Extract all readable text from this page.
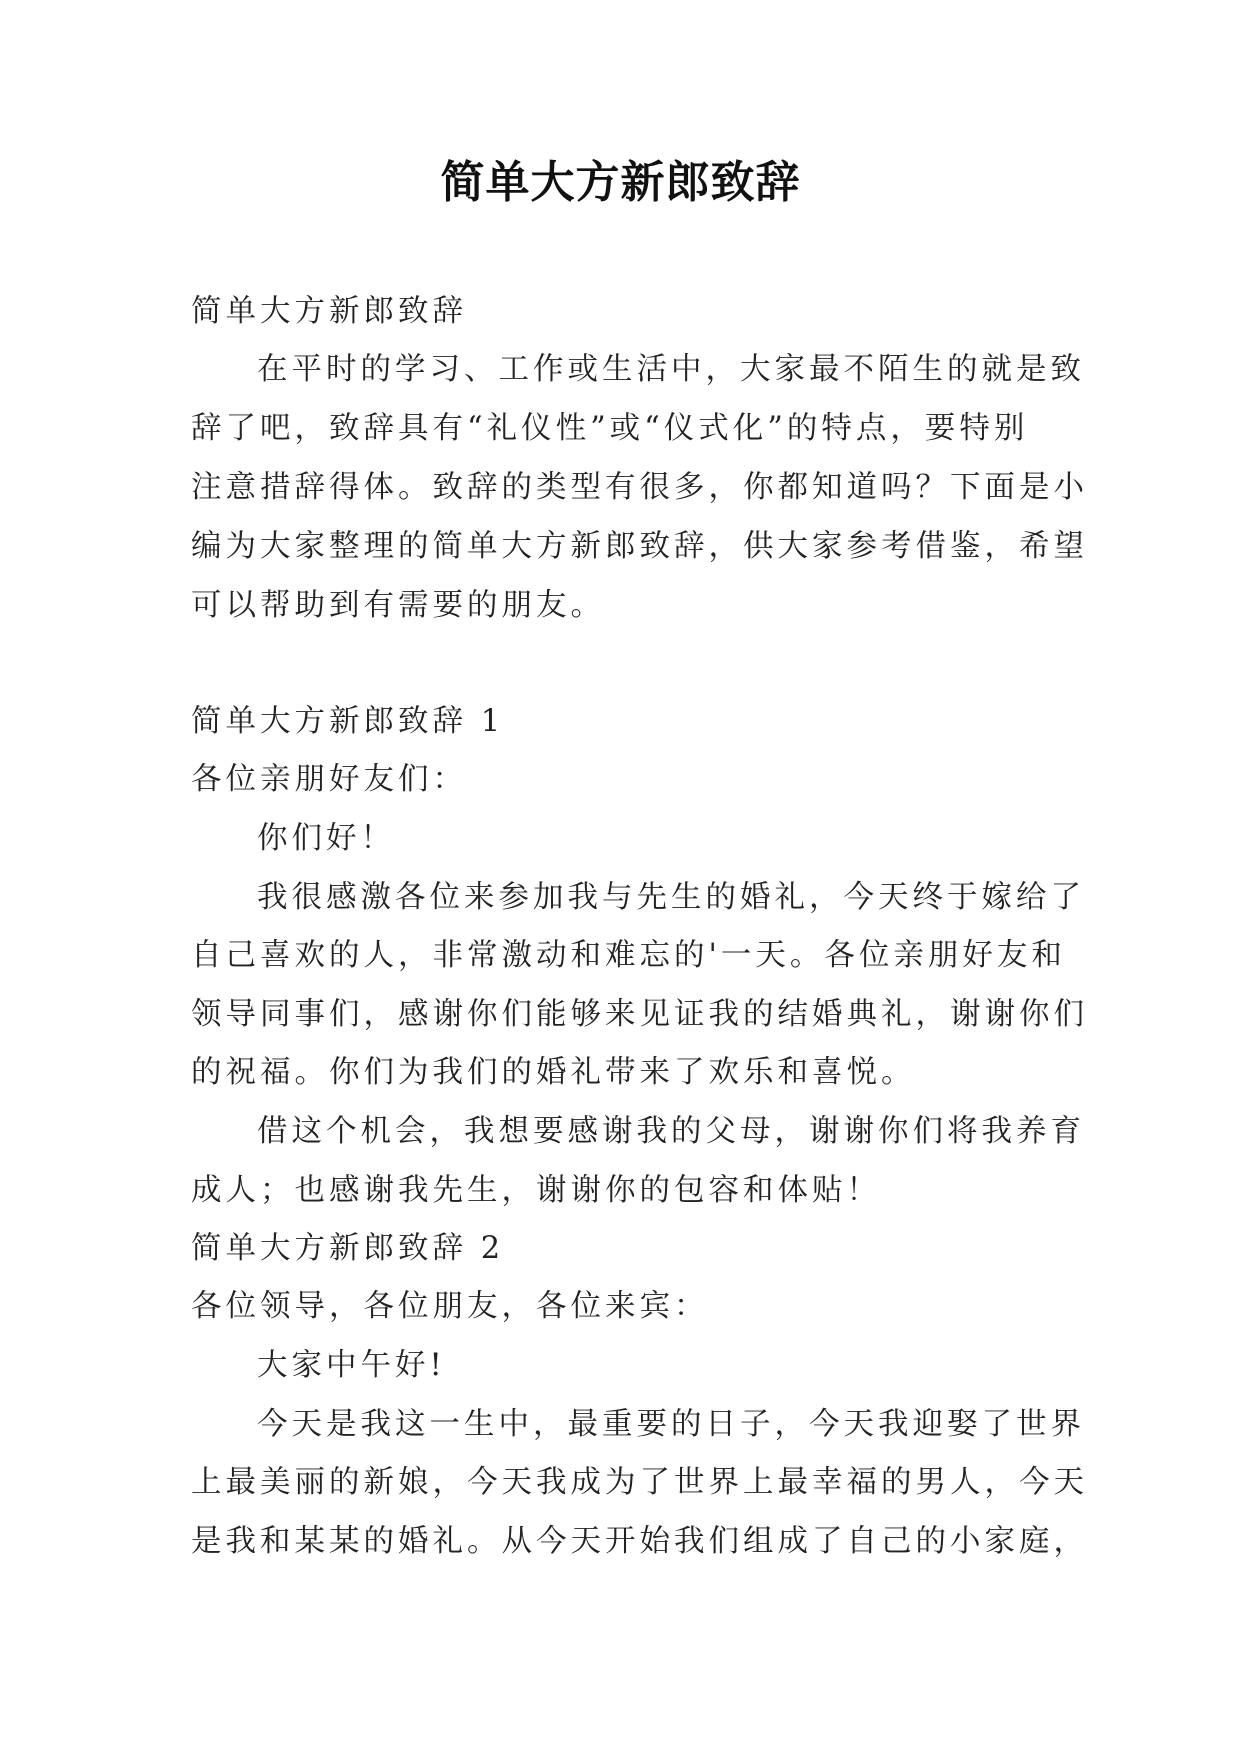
简单大方新郎致辞
简单大方新郎致辞
在平时的学习、工作或生活中，大家最不陌生的就是致
辞了吧，致辞具有“礼仪性”或“仪式化”的特点，要特别
注意措辞得体。致辞的类型有很多，你都知道吗？下面是小
编为大家整理的简单大方新郎致辞，供大家参考借鉴，希望
可以帮助到有需要的朋友。
简单大方新郎致辞 1
各位亲朋好友们：
你们好！
我很感激各位来参加我与先生的婚礼，今天终于嫁给了
自己喜欢的人，非常激动和难忘的'一天。各位亲朋好友和
领导同事们，感谢你们能够来见证我的结婚典礼，谢谢你们
的祝福。你们为我们的婚礼带来了欢乐和喜悦。
借这个机会，我想要感谢我的父母，谢谢你们将我养育
成人；也感谢我先生，谢谢你的包容和体贴！
简单大方新郎致辞 2
各位领导，各位朋友，各位来宾：
大家中午好!
今天是我这一生中，最重要的日子，今天我迎娶了世界
上最美丽的新娘，今天我成为了世界上最幸福的男人，今天
是我和某某的婚礼。从今天开始我们组成了自己的小家庭，
